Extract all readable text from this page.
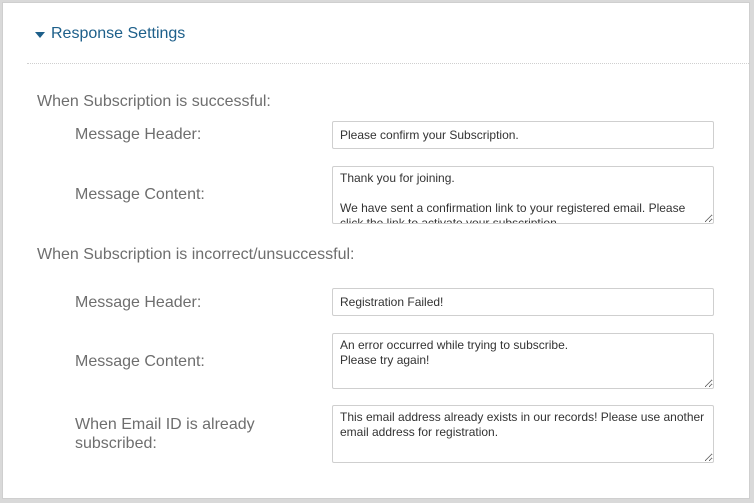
Response Settings
When Subscription is successful:
Message Header:
Please confirm your Subscription.
Message Content:
Thank you for joining. We have sent a confirmation link to your registered email. Please click the link to activate your subscription.
When Subscription is incorrect/unsuccessful:
Message Header:
Registration Failed!
Message Content:
An error occurred while trying to subscribe. Please try again!
When Email ID is already subscribed:
This email address already exists in our records! Please use another email address for registration.
